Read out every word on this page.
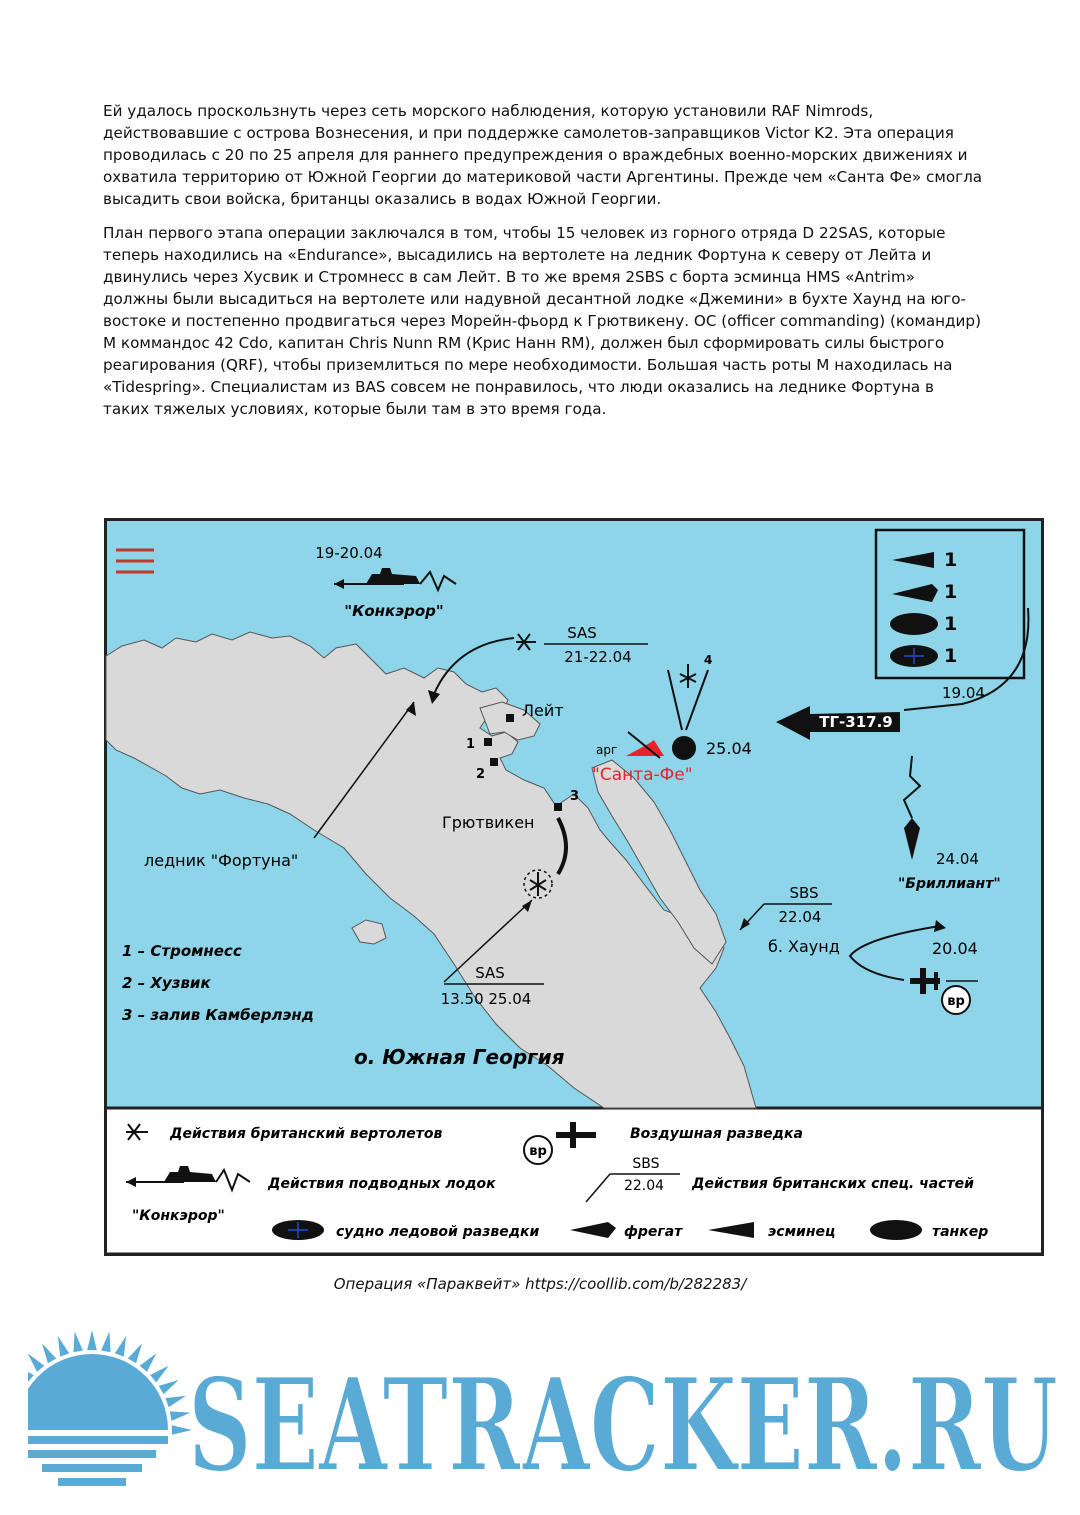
Ей удалось проскользнуть через сеть морского наблюдения, которую установили RAF Nimrods, действовавшие с острова Вознесения, и при поддержке самолетов-заправщиков Victor K2. Эта операция проводилась с 20 по 25 апреля для раннего предупреждения о враждебных военно-морских движениях и охватила территорию от Южной Георгии до материковой части Аргентины. Прежде чем «Санта Фе» смогла высадить свои войска, британцы оказались в водах Южной Георгии.

План первого этапа операции заключался в том, чтобы 15 человек из горного отряда D 22SAS, которые теперь находились на «Endurance», высадились на вертолете на ледник Фортуна к северу от Лейта и двинулись через Хусвик и Стромнесс в сам Лейт. В то же время 2SBS с борта эсминца HMS «Antrim» должны были высадиться на вертолете или надувной десантной лодке «Джемини» в бухте Хаунд на юго-востоке и постепенно продвигаться через Морейн-фьорд к Грютвикену. OC (officer commanding) (командир) M коммандос 42 Cdo, капитан Chris Nunn RM (Крис Нанн RM), должен был сформировать силы быстрого реагирования (QRF), чтобы приземлиться по мере необходимости. Большая часть роты M находилась на «Tidespring». Специалистам из BAS совсем не понравилось, что люди оказались на леднике Фортуна в таких тяжелых условиях, которые были там в это время года.

19-20.04
"Конкэрор"
SAS
21-22.04
Лейт
1
2
3
Грютвикен
ледник "Фортуна"
арг
"Санта-Фе"
25.04
4
1
1
1
1
19.04
ТГ-317.9
24.04
"Бриллиант"
SBS
22.04
б. Хаунд	20.04
вр
SAS
13.50 25.04
1 – Стромнесс
2 – Хузвик
3 – залив Камберлэнд
о. Южная Георгия
Действия британский вертолетов
вр
Воздушная разведка
Действия подводных лодок
"Конкэрор"
SBS
22.04 Действия британских спец. частей
судно ледовой разведки	фрегат	эсминец	танкер
Операция «Параквейт» https://coollib.com/b/282283/
SEATRACKER.RU
